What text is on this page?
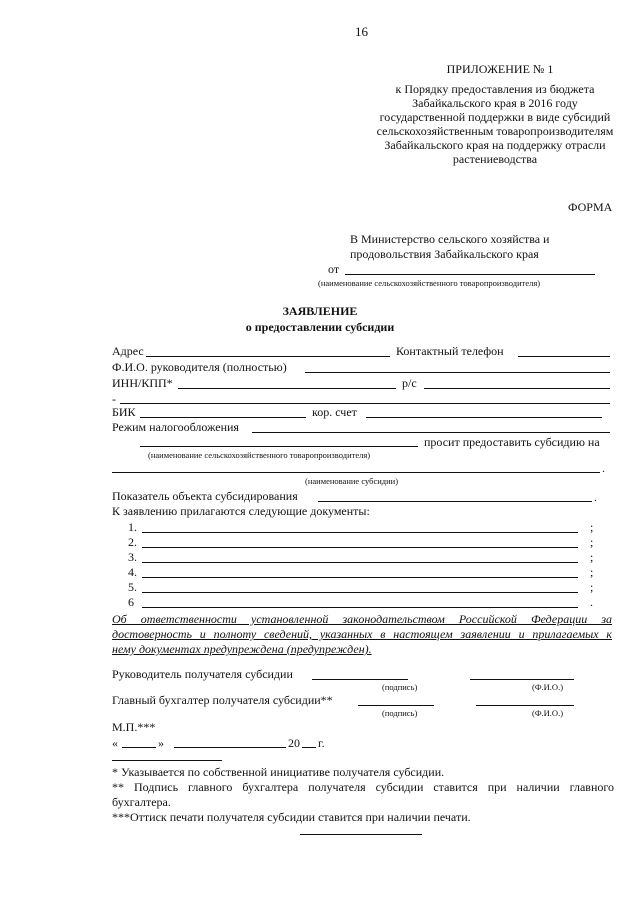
16
ПРИЛОЖЕНИЕ № 1
к Порядку предоставления из бюджета
Забайкальского края в 2016 году
государственной поддержки в виде субсидий
сельскохозяйственным товаропроизводителям
Забайкальского края на поддержку отрасли
растениеводства
ФОРМА
В Министерство сельского хозяйства и
продовольствия Забайкальского края
от
(наименование сельскохозяйственного товаропроизводителя)
ЗАЯВЛЕНИЕ
о предоставлении субсидии
Адрес	Контактный телефон
Ф.И.О. руководителя (полностью)
ИНН/КПП*	р/с
-
БИК	кор. счет
Режим налогообложения
просит предоставить субсидию на
(наименование сельскохозяйственного товаропроизводителя)
.
(наименование субсидии)
Показатель объекта субсидирования	.
К заявлению прилагаются следующие документы:
1.	;
2.	;
3.	;
4.	;
5.	;
6	.
Об ответственности установленной законодательством Российской Федерации за
достоверность и полноту сведений, указанных в настоящем заявлении и прилагаемых к
нему документах предупреждена (предупрежден).
Руководитель получателя субсидии
(подпись)	(Ф.И.О.)
Главный бухгалтер получателя субсидии**
(подпись)	(Ф.И.О.)
М.П.***
«	»	20 г.
* Указывается по собственной инициативе получателя субсидии.
** Подпись главного бухгалтера получателя субсидии ставится при наличии главного
бухгалтера.
***Оттиск печати получателя субсидии ставится при наличии печати.
